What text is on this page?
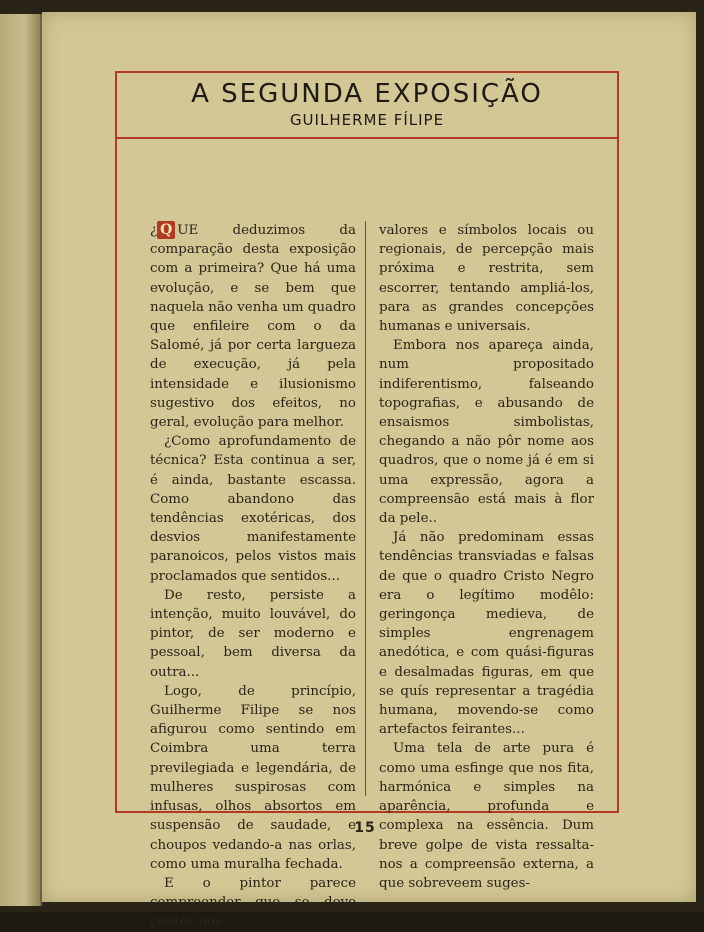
A SEGUNDA EXPOSIÇÃO
GUILHERME FÍLIPE

¿ Q UE deduzimos da comparação desta exposição com a primeira? Que há uma evolução, e se bem que naquela não venha um quadro que enfileire com o da Salomé, já por certa largueza de execução, já pela intensidade e ilusionismo sugestivo dos efeitos, no geral, evolução para melhor.

¿Como aprofundamento de técnica? Esta continua a ser, é ainda, bastante escassa. Como abandono das tendências exotéricas, dos desvios manifestamente paranoicos, pelos vistos mais proclamados que sentidos...

De resto, persiste a intenção, muito louvável, do pintor, de ser moderno e pessoal, bem diversa da outra...

Logo, de princípio, Guilherme Filipe se nos afigurou como sentindo em Coimbra uma terra previlegiada e legendária, de mulheres suspirosas com infusas, olhos absortos em suspensão de saudade, e choupos vedando-a nas orlas, como uma muralha fechada.

E o pintor parece compreender que se deve conter nos

valores e símbolos locais ou regionais, de percepção mais próxima e restrita, sem escorrer, tentando ampliá-los, para as grandes concepções humanas e universais.

Embora nos apareça ainda, num propositado indiferentismo, falseando topografias, e abusando de ensaismos simbolistas, chegando a não pôr nome aos quadros, que o nome já é em si uma expressão, agora a compreensão está mais à flor da pele..

Já não predominam essas tendências transviadas e falsas de que o quadro Cristo Negro era o legítimo modêlo: geringonça medieva, de simples engrenagem anedótica, e com quási-figuras e desalmadas figuras, em que se quís representar a tragédia humana, movendo-se como artefactos feirantes...

Uma tela de arte pura é como uma esfinge que nos fita, harmónica e simples na aparência, profunda e complexa na essência. Dum breve golpe de vista ressalta-nos a compreensão externa, a que sobreveem suges-

15
